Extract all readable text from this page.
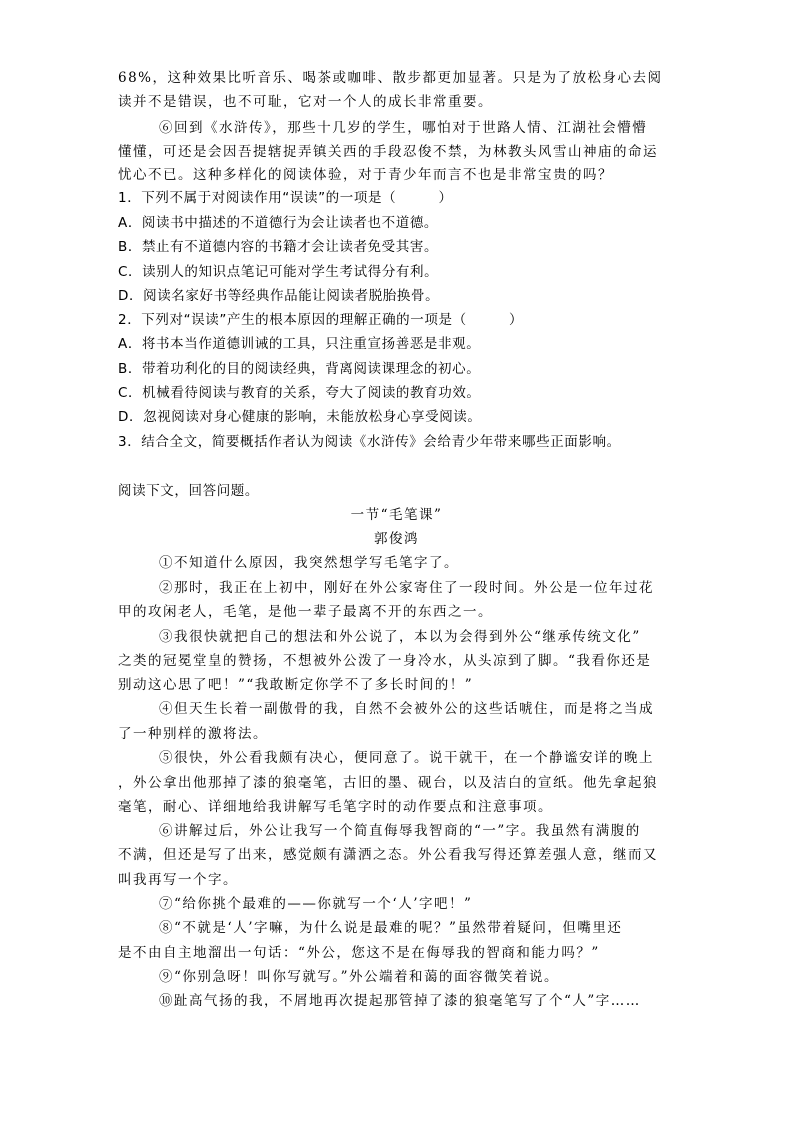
68%，这种效果比听音乐、喝茶或咖啡、散步都更加显著。只是为了放松身心去阅
读并不是错误，也不可耻，它对一个人的成长非常重要。
⑥回到《水浒传》，那些十几岁的学生，哪怕对于世路人情、江湖社会懵懵
懂懂，可还是会因吾提辖捉弄镇关西的手段忍俊不禁，为林教头风雪山神庙的命运
忧心不已。这种多样化的阅读体验，对于青少年而言不也是非常宝贵的吗？
1．下列不属于对阅读作用“误读”的一项是（　　　）
A．阅读书中描述的不道德行为会让读者也不道德。
B．禁止有不道德内容的书籍才会让读者免受其害。
C．读别人的知识点笔记可能对学生考试得分有利。
D．阅读名家好书等经典作品能让阅读者脱胎换骨。
2．下列对“误读”产生的根本原因的理解正确的一项是（　　　）
A．将书本当作道德训诫的工具，只注重宣扬善恶是非观。
B．带着功利化的目的阅读经典，背离阅读课理念的初心。
C．机械看待阅读与教育的关系，夸大了阅读的教育功效。
D．忽视阅读对身心健康的影响，未能放松身心享受阅读。
3．结合全文，简要概括作者认为阅读《水浒传》会给青少年带来哪些正面影响。
阅读下文，回答问题。
一节“毛笔课”
郭俊鸿
①不知道什么原因，我突然想学写毛笔字了。
②那时，我正在上初中，刚好在外公家寄住了一段时间。外公是一位年过花
甲的攻闲老人，毛笔，是他一辈子最离不开的东西之一。
③我很快就把自己的想法和外公说了，本以为会得到外公“继承传统文化”
之类的冠冕堂皇的赞扬，不想被外公泼了一身冷水，从头凉到了脚。“我看你还是
别动这心思了吧！”“我敢断定你学不了多长时间的！”
④但天生长着一副傲骨的我，自然不会被外公的这些话唬住，而是将之当成
了一种别样的激将法。
⑤很快，外公看我颇有决心，便同意了。说干就干，在一个静谧安详的晚上
，外公拿出他那掉了漆的狼毫笔，古旧的墨、砚台，以及洁白的宣纸。他先拿起狼
毫笔，耐心、详细地给我讲解写毛笔字时的动作要点和注意事项。
⑥讲解过后，外公让我写一个简直侮辱我智商的“一”字。我虽然有满腹的
不满，但还是写了出来，感觉颇有潇洒之态。外公看我写得还算差强人意，继而又
叫我再写一个字。
⑦“给你挑个最难的——你就写一个‘人’字吧！”
⑧“不就是‘人’字嘛，为什么说是最难的呢？”虽然带着疑问，但嘴里还
是不由自主地溜出一句话：“外公，您这不是在侮辱我的智商和能力吗？”
⑨“你别急呀！叫你写就写。”外公端着和蔼的面容微笑着说。
⑩趾高气扬的我，不屑地再次提起那管掉了漆的狼毫笔写了个“人”字……
